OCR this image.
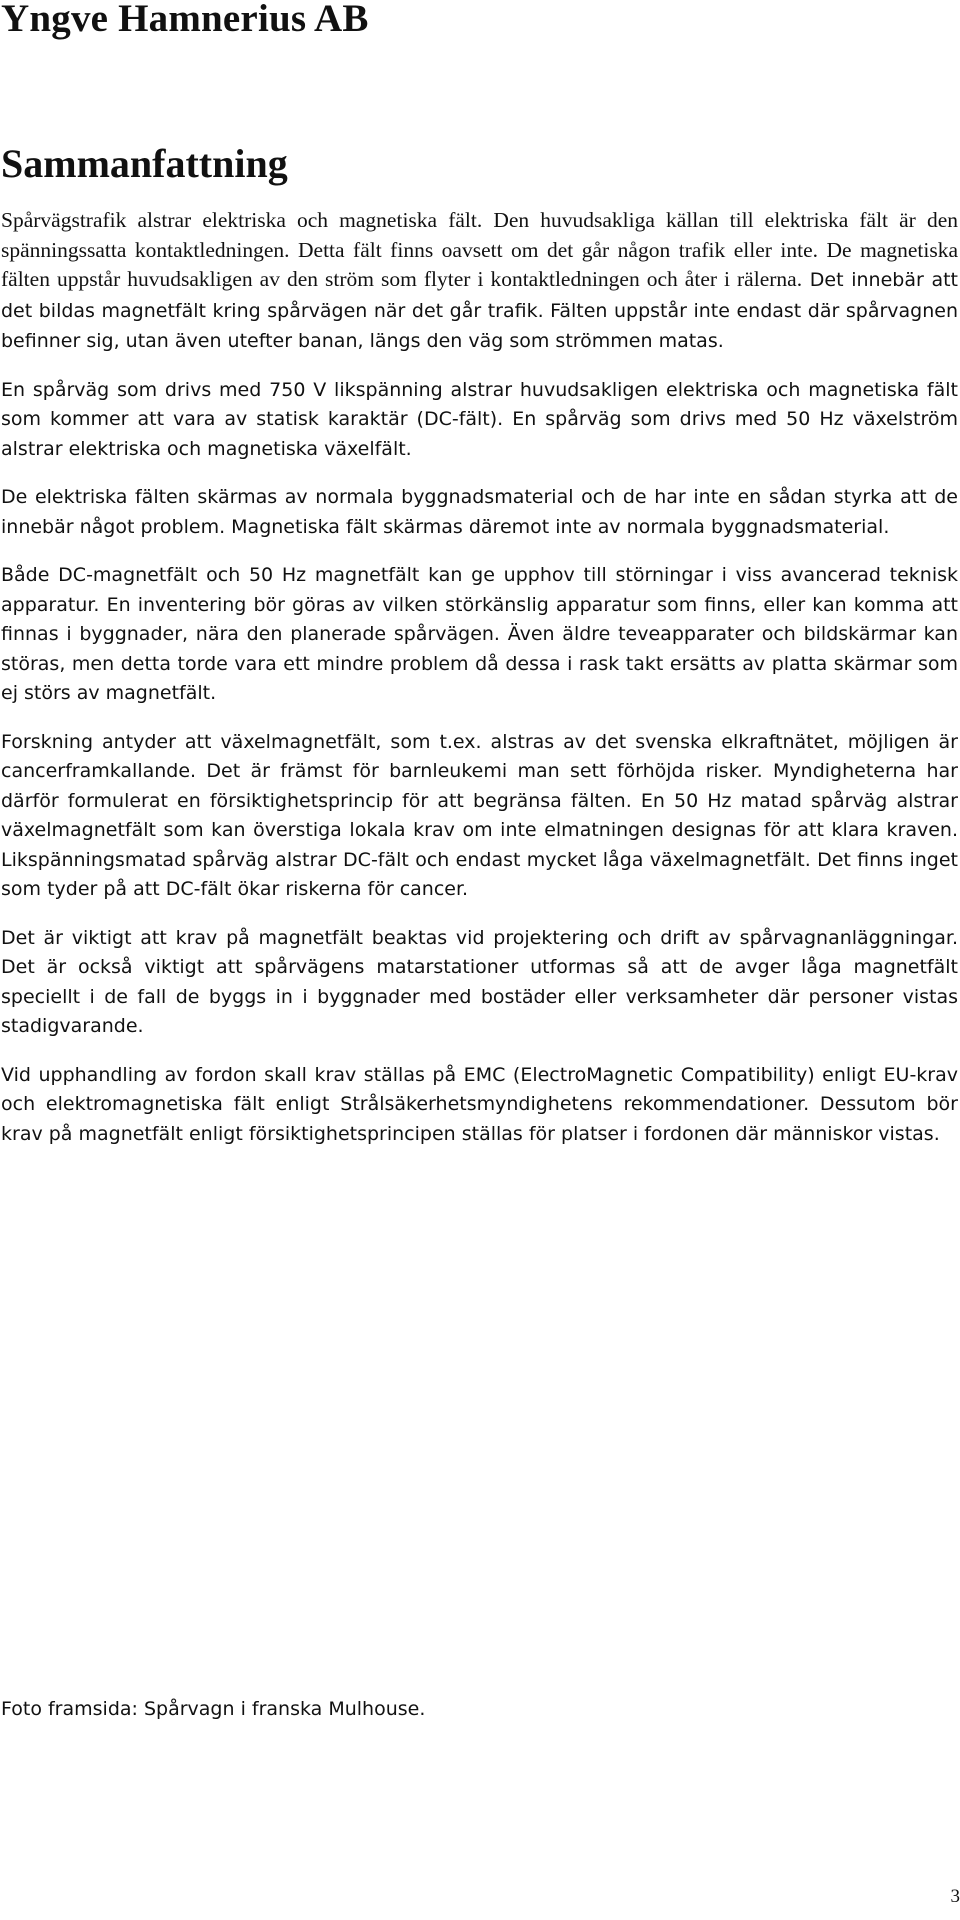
Yngve Hamnerius AB
Sammanfattning

Spårvägstrafik alstrar elektriska och magnetiska fält. Den huvudsakliga källan till elektriska fält är den spänningssatta kontaktledningen. Detta fält finns oavsett om det går någon trafik eller inte. De magnetiska fälten uppstår huvudsakligen av den ström som flyter i kontaktledningen och åter i rälerna. Det innebär att det bildas magnetfält kring spårvägen när det går trafik. Fälten uppstår inte endast där spårvagnen befinner sig, utan även utefter banan, längs den väg som strömmen matas.

En spårväg som drivs med 750 V likspänning alstrar huvudsakligen elektriska och magnetiska fält som kommer att vara av statisk karaktär (DC-fält). En spårväg som drivs med 50 Hz växelström alstrar elektriska och magnetiska växelfält.

De elektriska fälten skärmas av normala byggnadsmaterial och de har inte en sådan styrka att de innebär något problem. Magnetiska fält skärmas däremot inte av normala byggnadsmaterial.

Både DC-magnetfält och 50 Hz magnetfält kan ge upphov till störningar i viss avancerad teknisk apparatur. En inventering bör göras av vilken störkänslig apparatur som finns, eller kan komma att finnas i byggnader, nära den planerade spårvägen. Även äldre teveapparater och bildskärmar kan störas, men detta torde vara ett mindre problem då dessa i rask takt ersätts av platta skärmar som ej störs av magnetfält.

Forskning antyder att växelmagnetfält, som t.ex. alstras av det svenska elkraftnätet, möjligen är cancerframkallande. Det är främst för barnleukemi man sett förhöjda risker. Myndigheterna har därför formulerat en försiktighetsprincip för att begränsa fälten. En 50 Hz matad spårväg alstrar växelmagnetfält som kan överstiga lokala krav om inte elmatningen designas för att klara kraven. Likspänningsmatad spårväg alstrar DC-fält och endast mycket låga växelmagnetfält. Det finns inget som tyder på att DC-fält ökar riskerna för cancer.

Det är viktigt att krav på magnetfält beaktas vid projektering och drift av spårvagnanläggningar. Det är också viktigt att spårvägens matarstationer utformas så att de avger låga magnetfält speciellt i de fall de byggs in i byggnader med bostäder eller verksamheter där personer vistas stadigvarande.

Vid upphandling av fordon skall krav ställas på EMC (ElectroMagnetic Compatibility) enligt EU-krav och elektromagnetiska fält enligt Strålsäkerhetsmyndighetens rekommendationer. Dessutom bör krav på magnetfält enligt försiktighetsprincipen ställas för platser i fordonen där människor vistas.

Foto framsida: Spårvagn i franska Mulhouse.
3
